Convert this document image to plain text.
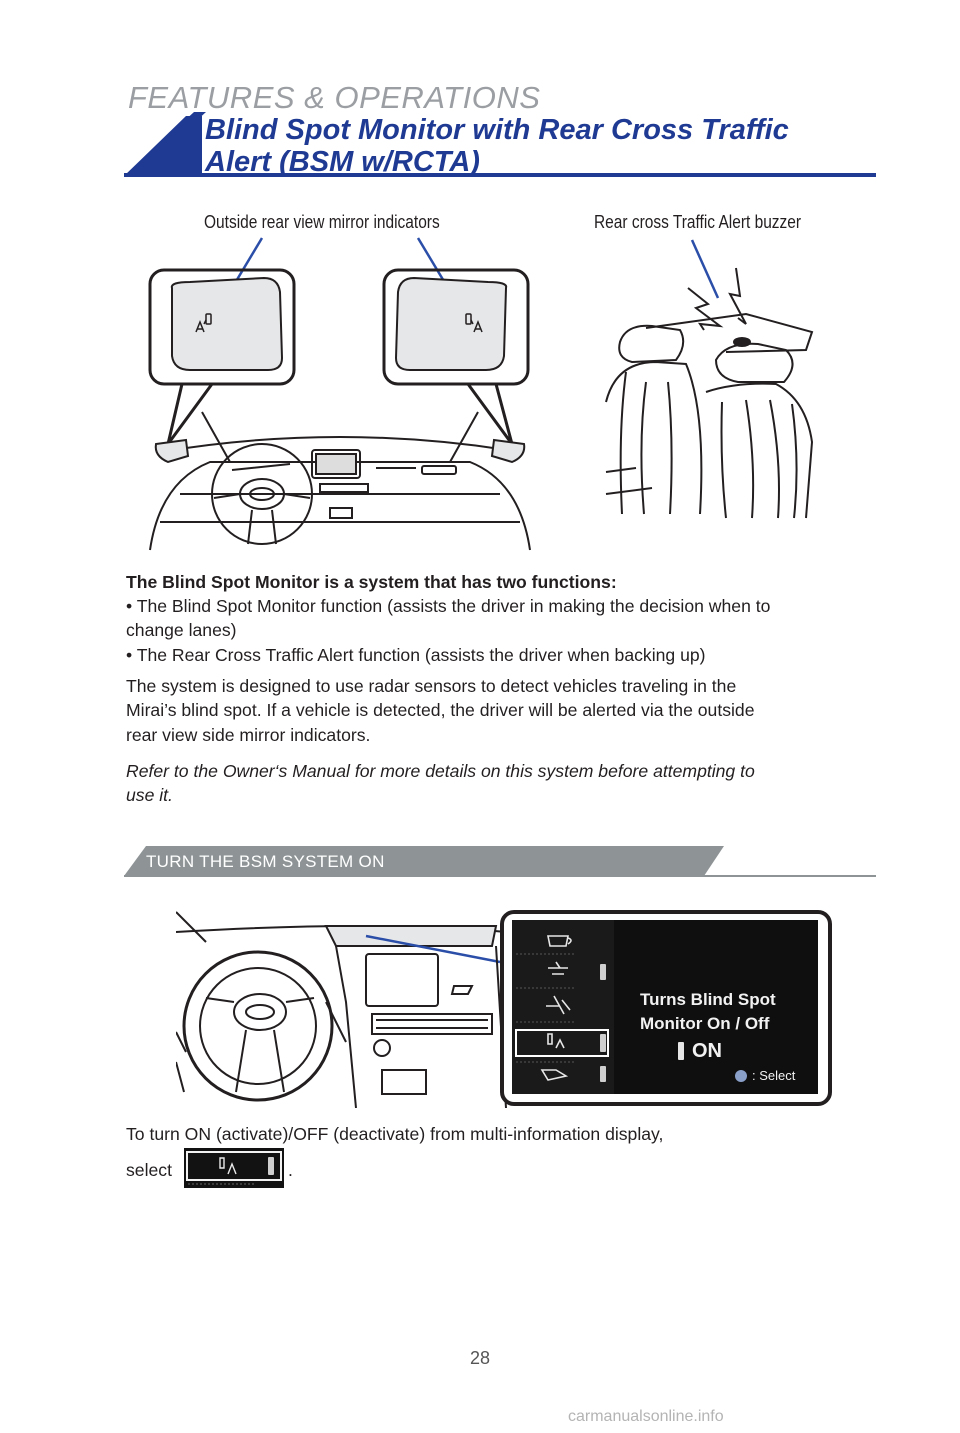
FEATURES & OPERATIONS
Blind Spot Monitor with Rear Cross Traffic
Alert (BSM w/RCTA)
Outside rear view mirror indicators	Rear cross Traffic Alert buzzer
The Blind Spot Monitor is a system that has two functions:
• The Blind Spot Monitor function (assists the driver in making the decision when to
change lanes)
• The Rear Cross Traffic Alert function (assists the driver when backing up)
The system is designed to use radar sensors to detect vehicles traveling in the
Mirai’s blind spot. If a vehicle is detected, the driver will be alerted via the outside
rear view side mirror indicators.
Refer to the Owner‘s Manual for more details on this system before attempting to
use it.
TURN THE BSM SYSTEM ON
Turns Blind Spot
Monitor On / Off
ON
: Select
To turn ON (activate)/OFF (deactivate) from multi-information display,
select	.
28
carmanualsonline.info
